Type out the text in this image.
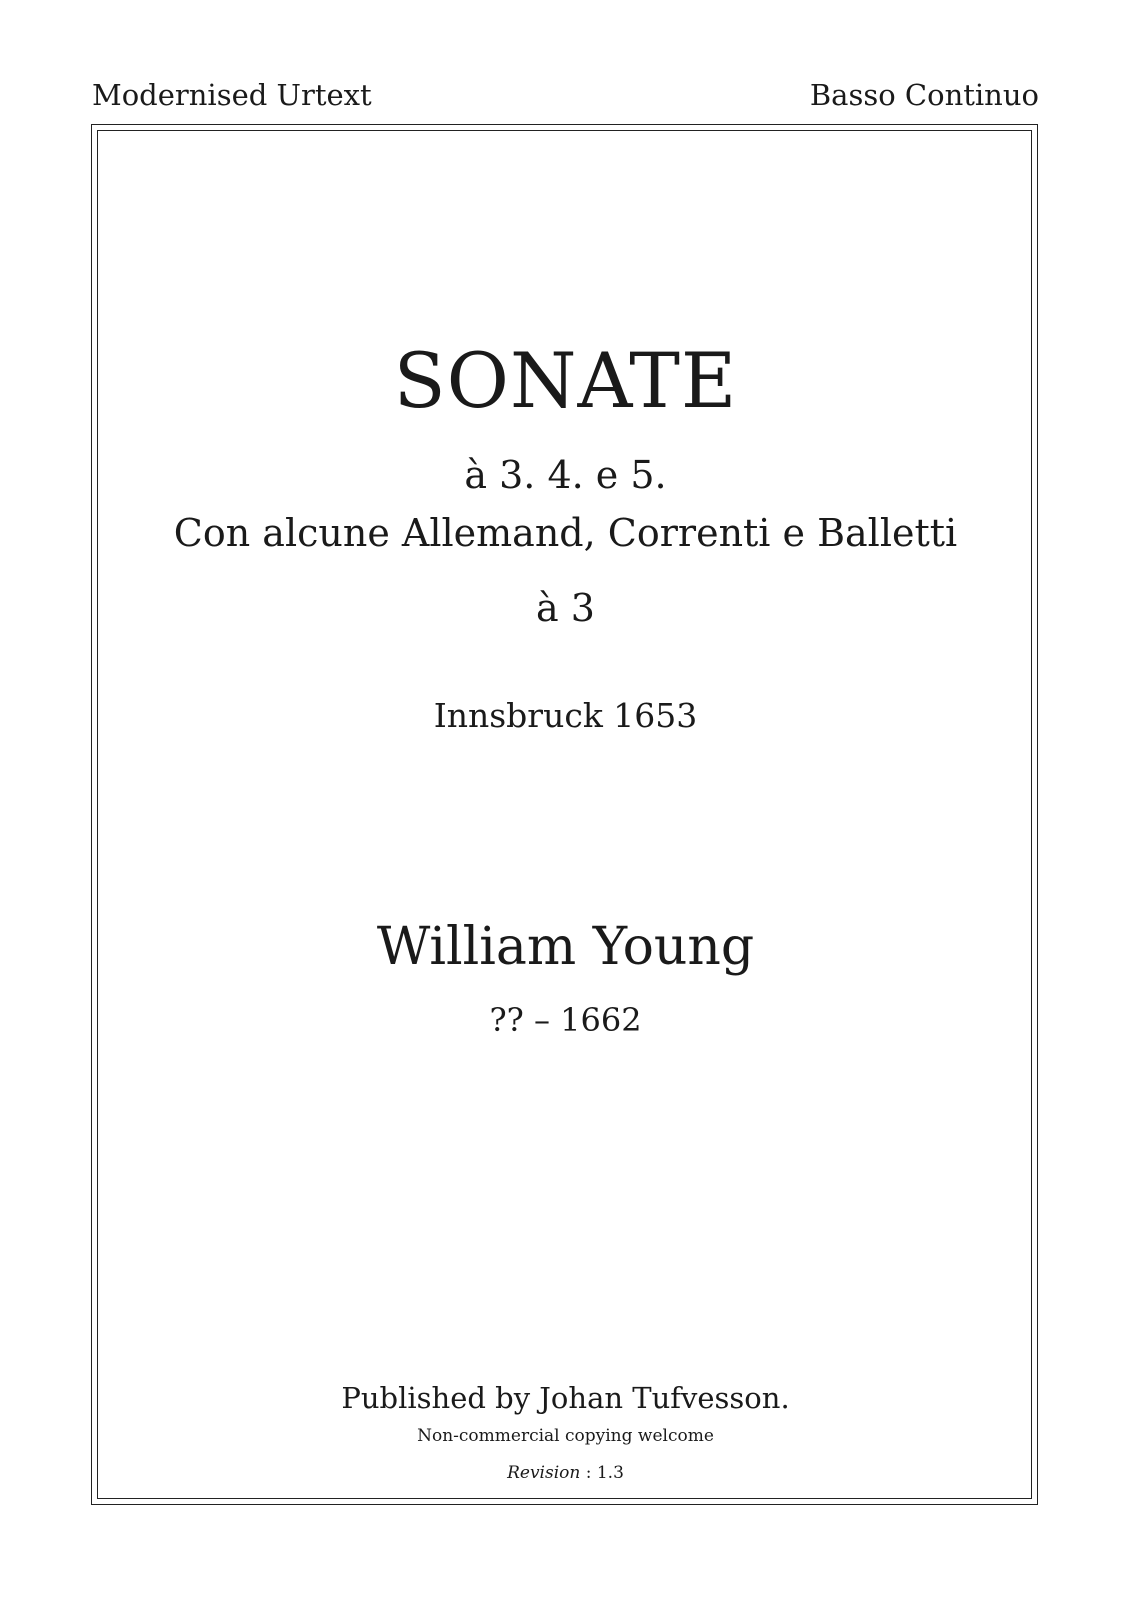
Modernised Urtext	Basso Continuo
SONATE
à 3. 4. e 5.
Con alcune Allemand, Correnti e Balletti
à 3
Innsbruck 1653
William Young
?? – 1662
Published by Johan Tufvesson.
Non-commercial copying welcome
Revision : 1.3
